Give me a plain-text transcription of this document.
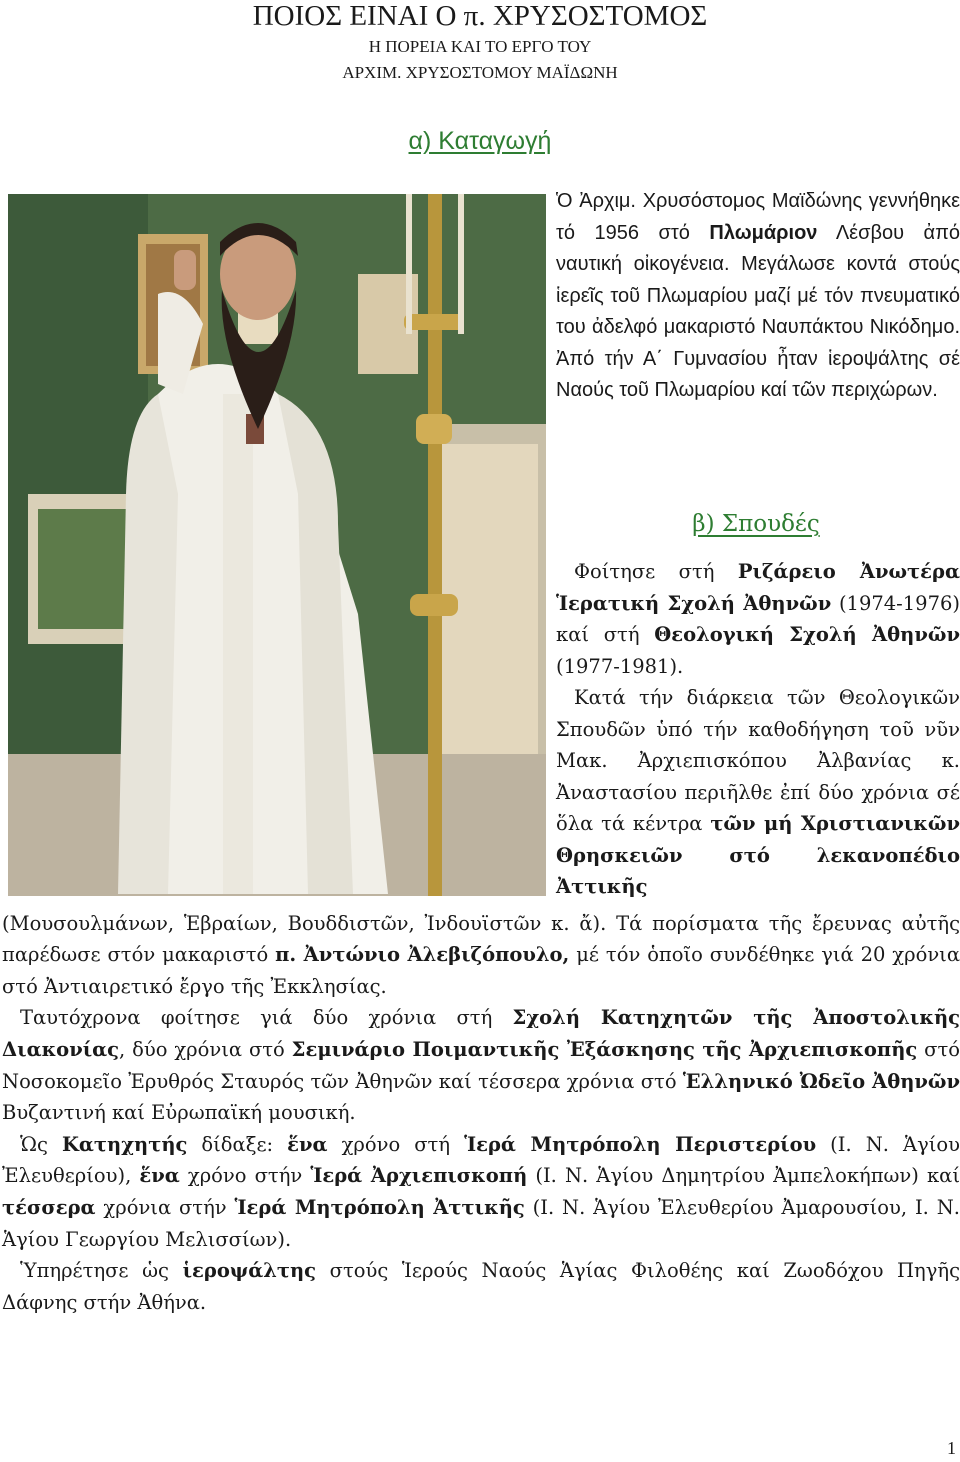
ΠΟΙΟΣ ΕΙΝΑΙ Ο π. ΧΡΥΣΟΣΤΟΜΟΣ
Η ΠΟΡΕΙΑ ΚΑΙ ΤΟ ΕΡΓΟ ΤΟΥ
ΑΡΧΙΜ. ΧΡΥΣΟΣΤΟΜΟΥ ΜΑΪΔΩΝΗ
α) Καταγωγή

Ὁ Ἀρχιμ. Χρυσόστομος Μαϊδώνης γεννήθηκε τό 1956 στό Πλωμάριον Λέσβου ἀπό ναυτική οἰκογένεια. Μεγάλωσε κοντά στούς ἱερεῖς τοῦ Πλωμαρίου μαζί μέ τόν πνευματικό του ἀδελφό μακαριστό Ναυπάκτου Νικόδημο. Ἀπό τήν Α΄ Γυμνασίου ἦταν ἱεροψάλτης σέ Ναούς τοῦ Πλωμαρίου καί τῶν περιχώρων.

β) Σπουδές

Φοίτησε στή Ριζάρειο Ἀνωτέρα Ἱερατική Σχολή Ἀθηνῶν (1974-1976) καί στή Θεολογική Σχολή Ἀθηνῶν (1977-1981).

Κατά τήν διάρκεια τῶν Θεολογικῶν Σπουδῶν ὑπό τήν καθοδήγηση τοῦ νῦν Μακ. Ἀρχιεπισκόπου Ἀλβανίας κ. Ἀναστασίου περιῆλθε ἐπί δύο χρόνια σέ ὅλα τά κέντρα τῶν μή Χριστιανικῶν Θρησκειῶν στό λεκανοπέδιο Ἀττικῆς

(Μουσουλμάνων, Ἑβραίων, Βουδδιστῶν, Ἰνδουϊστῶν κ. ἄ). Τά πορίσματα τῆς ἔρευνας αὐτῆς παρέδωσε στόν μακαριστό π. Ἀντώνιο Ἀλεβιζόπουλο, μέ τόν ὁποῖο συνδέθηκε γιά 20 χρόνια στό Ἀντιαιρετικό ἔργο τῆς Ἐκκλησίας.

Ταυτόχρονα φοίτησε γιά δύο χρόνια στή Σχολή Κατηχητῶν τῆς Ἀποστολικῆς Διακονίας, δύο χρόνια στό Σεμινάριο Ποιμαντικῆς Ἐξάσκησης τῆς Ἀρχιεπισκοπῆς στό Νοσοκομεῖο Ἐρυθρός Σταυρός τῶν Ἀθηνῶν καί τέσσερα χρόνια στό Ἑλληνικό Ὠδεῖο Ἀθηνῶν Βυζαντινή καί Εὐρωπαϊκή μουσική.

Ὡς Κατηχητής δίδαξε: ἕνα χρόνο στή Ἱερά Μητρόπολη Περιστερίου (Ι. Ν. Ἁγίου Ἐλευθερίου), ἕνα χρόνο στήν Ἱερά Ἀρχιεπισκοπή (Ι. Ν. Ἁγίου Δημητρίου Ἀμπελοκήπων) καί τέσσερα χρόνια στήν Ἱερά Μητρόπολη Ἀττικῆς (Ι. Ν. Ἁγίου Ἐλευθερίου Ἀμαρουσίου, Ι. Ν. Ἁγίου Γεωργίου Μελισσίων).

Ὑπηρέτησε ὡς ἱεροψάλτης στούς Ἱερούς Ναούς Ἁγίας Φιλοθέης καί Ζωοδόχου Πηγῆς Δάφνης στήν Ἀθήνα.

1
